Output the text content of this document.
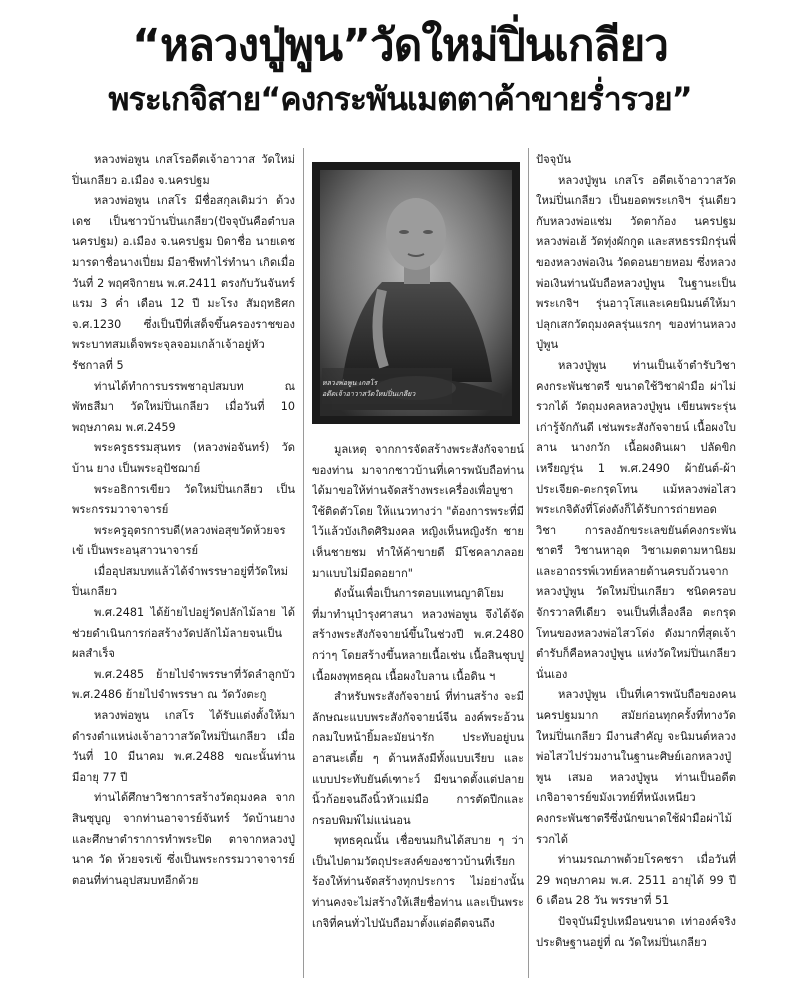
“หลวงปู่พูน”วัดใหม่ปิ่นเกลียว
พระเกจิสาย“คงกระพันเมตตาค้าขายร่ำรวย”

หลวงพ่อพูน เกสโรอดีตเจ้าอาวาส วัดใหม่ปิ่นเกลียว อ.เมือง จ.นครปฐม

หลวงพ่อพูน เกสโร มีชื่อสกุลเดิมว่า ด้วงเดช เป็นชาวบ้านปิ่นเกลียว(ปัจจุบันคือตำบลนครปฐม) อ.เมือง จ.นครปฐม บิดาชื่อ นายเดช มารดาชื่อนางเปี่ยม มีอาชีพทำไร่ทำนา เกิดเมื่อวันที่ 2 พฤศจิกายน พ.ศ.2411 ตรงกับวันจันทร์ แรม 3 ค่ำ เดือน 12 ปี มะโรง สัมฤทธิศก จ.ศ.1230 ซึ่งเป็นปีที่เสด็จขึ้นครองราชของพระบาทสมเด็จพระจุลจอมเกล้าเจ้าอยู่หัว รัชกาลที่ 5

ท่านได้ทำการบรรพชาอุปสมบท ณ พัทธสีมา วัดใหม่ปิ่นเกลียว เมื่อวันที่ 10 พฤษภาคม พ.ศ.2459

พระครูธรรมสุนทร (หลวงพ่อจันทร์) วัดบ้าน ยาง เป็นพระอุปัชฌาย์

พระอธิการเขียว วัดใหม่ปิ่นเกลียว เป็นพระกรรมวาจาจารย์

พระครูอุตรการบดี(หลวงพ่อสุขวัดห้วยจรเข้ เป็นพระอนุสาวนาจารย์

เมื่ออุปสมบทแล้วได้จำพรรษาอยู่ที่วัดใหม่ปิ่นเกลียว

พ.ศ.2481 ได้ย้ายไปอยู่วัดปลักไม้ลาย ได้ช่วยดำเนินการก่อสร้างวัดปลักไม้ลายจนเป็นผลสำเร็จ

พ.ศ.2485 ย้ายไปจำพรรษาที่วัดลำลูกบัว พ.ศ.2486 ย้ายไปจำพรรษา ณ วัดวังตะกู

หลวงพ่อพูน เกสโร ได้รับแต่งตั้งให้มาดำรงตำแหน่งเจ้าอาวาสวัดใหม่ปิ่นเกลียว เมื่อวันที่ 10 มีนาคม พ.ศ.2488 ขณะนั้นท่านมีอายุ 77 ปี

ท่านได้ศึกษาวิชาการสร้างวัตถุมงคล จากสินซุบูญ จากท่านอาจารย์จันทร์ วัดบ้านยาง และศึกษาตำราการทำพระปิด ตาจากหลวงปู่นาค วัด ห้วยจรเข้ ซึ่งเป็นพระกรรมวาจาจารย์ตอนที่ท่านอุปสมบทอีกด้วย

หลวงพ่อพูน เกสโร
อดีตเจ้าอาวาสวัดใหม่ปิ่นเกลียว

มูลเหตุ จากการจัดสร้างพระสังกัจจายน์ของท่าน มาจากชาวบ้านที่เคารพนับถือท่านได้มาขอให้ท่านจัดสร้างพระเครื่องเพื่อบูชาใช้ติดตัวโดย ให้แนวทางว่า "ต้องการพระที่มีไว้แล้วบังเกิดศิริมงคล หญิงเห็นหญิงรัก ชายเห็นชายชม ทำให้ค้าขายดี มีโชคลาภลอยมาแบบไม่มีอดอยาก"

ดังนั้นเพื่อเป็นการตอบแทนญาติโยมที่มาทำนุบำรุงศาสนา หลวงพ่อพูน จึงได้จัดสร้างพระสังกัจจายน์ขึ้นในช่วงปี พ.ศ.2480 กว่าๆ โดยสร้างขึ้นหลายเนื้อเช่น เนื้อสินชุบปู เนื้อผงพุทธคุณ เนื้อผงใบลาน เนื้อดิน ฯ

สำหรับพระสังกัจจายน์ ที่ท่านสร้าง จะมีลักษณะแบบพระสังกัจจายน์จีน องค์พระอ้วนกลมใบหน้ายิ้มละมัยน่ารัก ประทับอยู่บนอาสนะเตี้ย ๆ ด้านหลังมีทั้งแบบเรียบ และแบบประทับยันต์เฑาะว์ มีขนาดตั้งแต่ปลายนิ้วก้อยจนถึงนิ้วหัวแม่มือ การตัดปีกและกรอบพิมพ์ไม่แน่นอน

พุทธคุณนั้น เชื่อขนมกินได้สบาย ๆ ว่าเป็นไปตามวัตถุประสงค์ของชาวบ้านที่เรียกร้องให้ท่านจัดสร้างทุกประการ ไม่อย่างนั้นท่านคงจะไม่สร้างให้เสียชื่อท่าน และเป็นพระเกจิที่คนทั่วไปนับถือมาตั้งแต่อดีตจนถึง

ปัจจุบัน

หลวงปู่พูน เกสโร อดีตเจ้าอาวาสวัดใหม่ปิ่นเกลียว เป็นยอดพระเกจิฯ รุ่นเดียวกับหลวงพ่อแช่ม วัดตาก้อง นครปฐม หลวงพ่อเฮ้ วัดทุ่งผักกูด และสหธรรมิกรุ่นพี่ของหลวงพ่อเงิน วัดดอนยายหอม ซึ่งหลวงพ่อเงินท่านนับถือหลวงปู่พูน ในฐานะเป็นพระเกจิฯ รุ่นอาวุโสและเคยนิมนต์ให้มาปลุกเสกวัตถุมงคลรุ่นแรกๆ ของท่านหลวงปู่พูน

หลวงปู่พูน ท่านเป็นเจ้าตำรับวิชาคงกระพันชาตรี ขนาดใช้วิชาฝ่ามือ ผ่าไม่รวกได้ วัตถุมงคลหลวงปู่พูน เขียนพระรุ่นเก่ารู้จักกันดี เช่นพระสังกัจจายน์ เนื้อผงใบลาน นางกวัก เนื้อผงดินเผา ปลัดขิก เหรียญรุ่น 1 พ.ศ.2490 ผ้ายันต์-ผ้าประเจียด-ตะกรุดโทน แม้หลวงพ่อไสว พระเกจิดังที่โด่งดังก็ได้รับการถ่ายทอดวิชา การลงอักขระเลขยันต์คงกระพันชาตรี วิชานหาอุด วิชาเมตตามหานิยมและอาถรรพ์เวทย์หลายด้านครบถ้วนจากหลวงปู่พูน วัดใหม่ปิ่นเกลียว ชนิดครอบจักรวาลทีเดียว จนเป็นที่เลื่องลือ ตะกรุดโทนของหลวงพ่อไสวโด่ง ดังมากที่สุดเจ้าตำรับก็คือหลวงปู่พูน แห่งวัดใหม่ปิ่นเกลียวนั่นเอง

หลวงปู่พูน เป็นที่เคารพนับถือของคนนครปฐมมาก สมัยก่อนทุกครั้งที่ทางวัดใหม่ปิ่นเกลียว มีงานสำคัญ จะนิมนต์หลวงพ่อไสวไปร่วมงานในฐานะศิษย์เอกหลวงปู่พูน เสมอ หลวงปู่พูน ท่านเป็นอดีตเกจิอาจารย์ขมังเวทย์ที่หนังเหนียว คงกระพันชาตรีซึ่งนักขนาดใช้ฝ่ามือผ่าไม้รวกได้

ท่านมรณภาพด้วยโรคชรา เมื่อวันที่ 29 พฤษภาคม พ.ศ. 2511 อายุได้ 99 ปี 6 เดือน 28 วัน พรรษาที่ 51

ปัจจุบันมีรูปเหมือนขนาด เท่าองค์จริงประดิษฐานอยู่ที่ ณ วัดใหม่ปิ่นเกลียว
